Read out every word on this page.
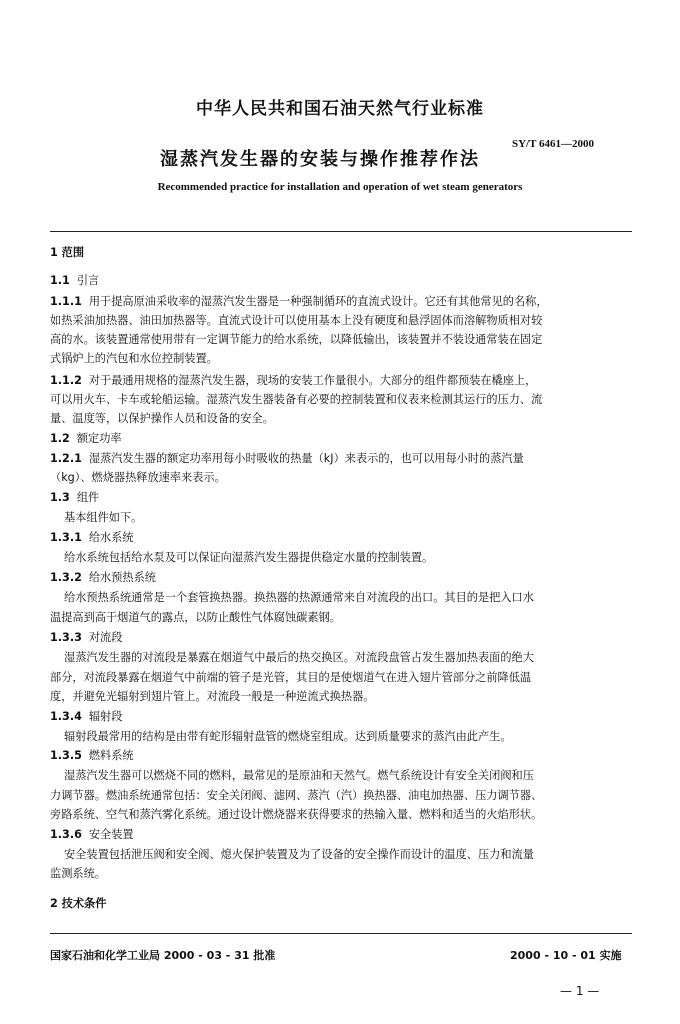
中华人民共和国石油天然气行业标准
湿蒸汽发生器的安装与操作推荐作法
SY/T 6461—2000
Recommended practice for installation and operation of wet steam generators
1 范围
1.1 引言
1.1.1 用于提高原油采收率的湿蒸汽发生器是一种强制循环的直流式设计。它还有其他常见的名称，
如热采油加热器、油田加热器等。直流式设计可以使用基本上没有硬度和悬浮固体而溶解物质相对较
高的水。该装置通常使用带有一定调节能力的给水系统，以降低输出，该装置并不装设通常装在固定
式锅炉上的汽包和水位控制装置。
1.1.2 对于最通用规格的湿蒸汽发生器，现场的安装工作量很小。大部分的组件都预装在橇座上，
可以用火车、卡车或轮船运输。湿蒸汽发生器装备有必要的控制装置和仪表来检测其运行的压力、流
量、温度等，以保护操作人员和设备的安全。
1.2 额定功率
1.2.1 湿蒸汽发生器的额定功率用每小时吸收的热量（kJ）来表示的，也可以用每小时的蒸汽量
（kg）、燃烧器热释放速率来表示。
1.3 组件
基本组件如下。
1.3.1 给水系统
给水系统包括给水泵及可以保证向湿蒸汽发生器提供稳定水量的控制装置。
1.3.2 给水预热系统
给水预热系统通常是一个套管换热器。换热器的热源通常来自对流段的出口。其目的是把入口水
温提高到高于烟道气的露点，以防止酸性气体腐蚀碳素钢。
1.3.3 对流段
湿蒸汽发生器的对流段是暴露在烟道气中最后的热交换区。对流段盘管占发生器加热表面的绝大
部分，对流段暴露在烟道气中前端的管子是光管，其目的是使烟道气在进入翅片管部分之前降低温
度，并避免光辐射到翅片管上。对流段一般是一种逆流式换热器。
1.3.4 辐射段
辐射段最常用的结构是由带有蛇形辐射盘管的燃烧室组成。达到质量要求的蒸汽由此产生。
1.3.5 燃料系统
湿蒸汽发生器可以燃烧不同的燃料，最常见的是原油和天然气。燃气系统设计有安全关闭阀和压
力调节器。燃油系统通常包括：安全关闭阀、滤网、蒸汽（汽）换热器、油电加热器、压力调节器、
旁路系统、空气和蒸汽雾化系统。通过设计燃烧器来获得要求的热输入量、燃料和适当的火焰形状。
1.3.6 安全装置
安全装置包括泄压阀和安全阀、熄火保护装置及为了设备的安全操作而设计的温度、压力和流量
监测系统。
2 技术条件
国家石油和化学工业局 2000 - 03 - 31 批准	2000 - 10 - 01 实施
— 1 —
